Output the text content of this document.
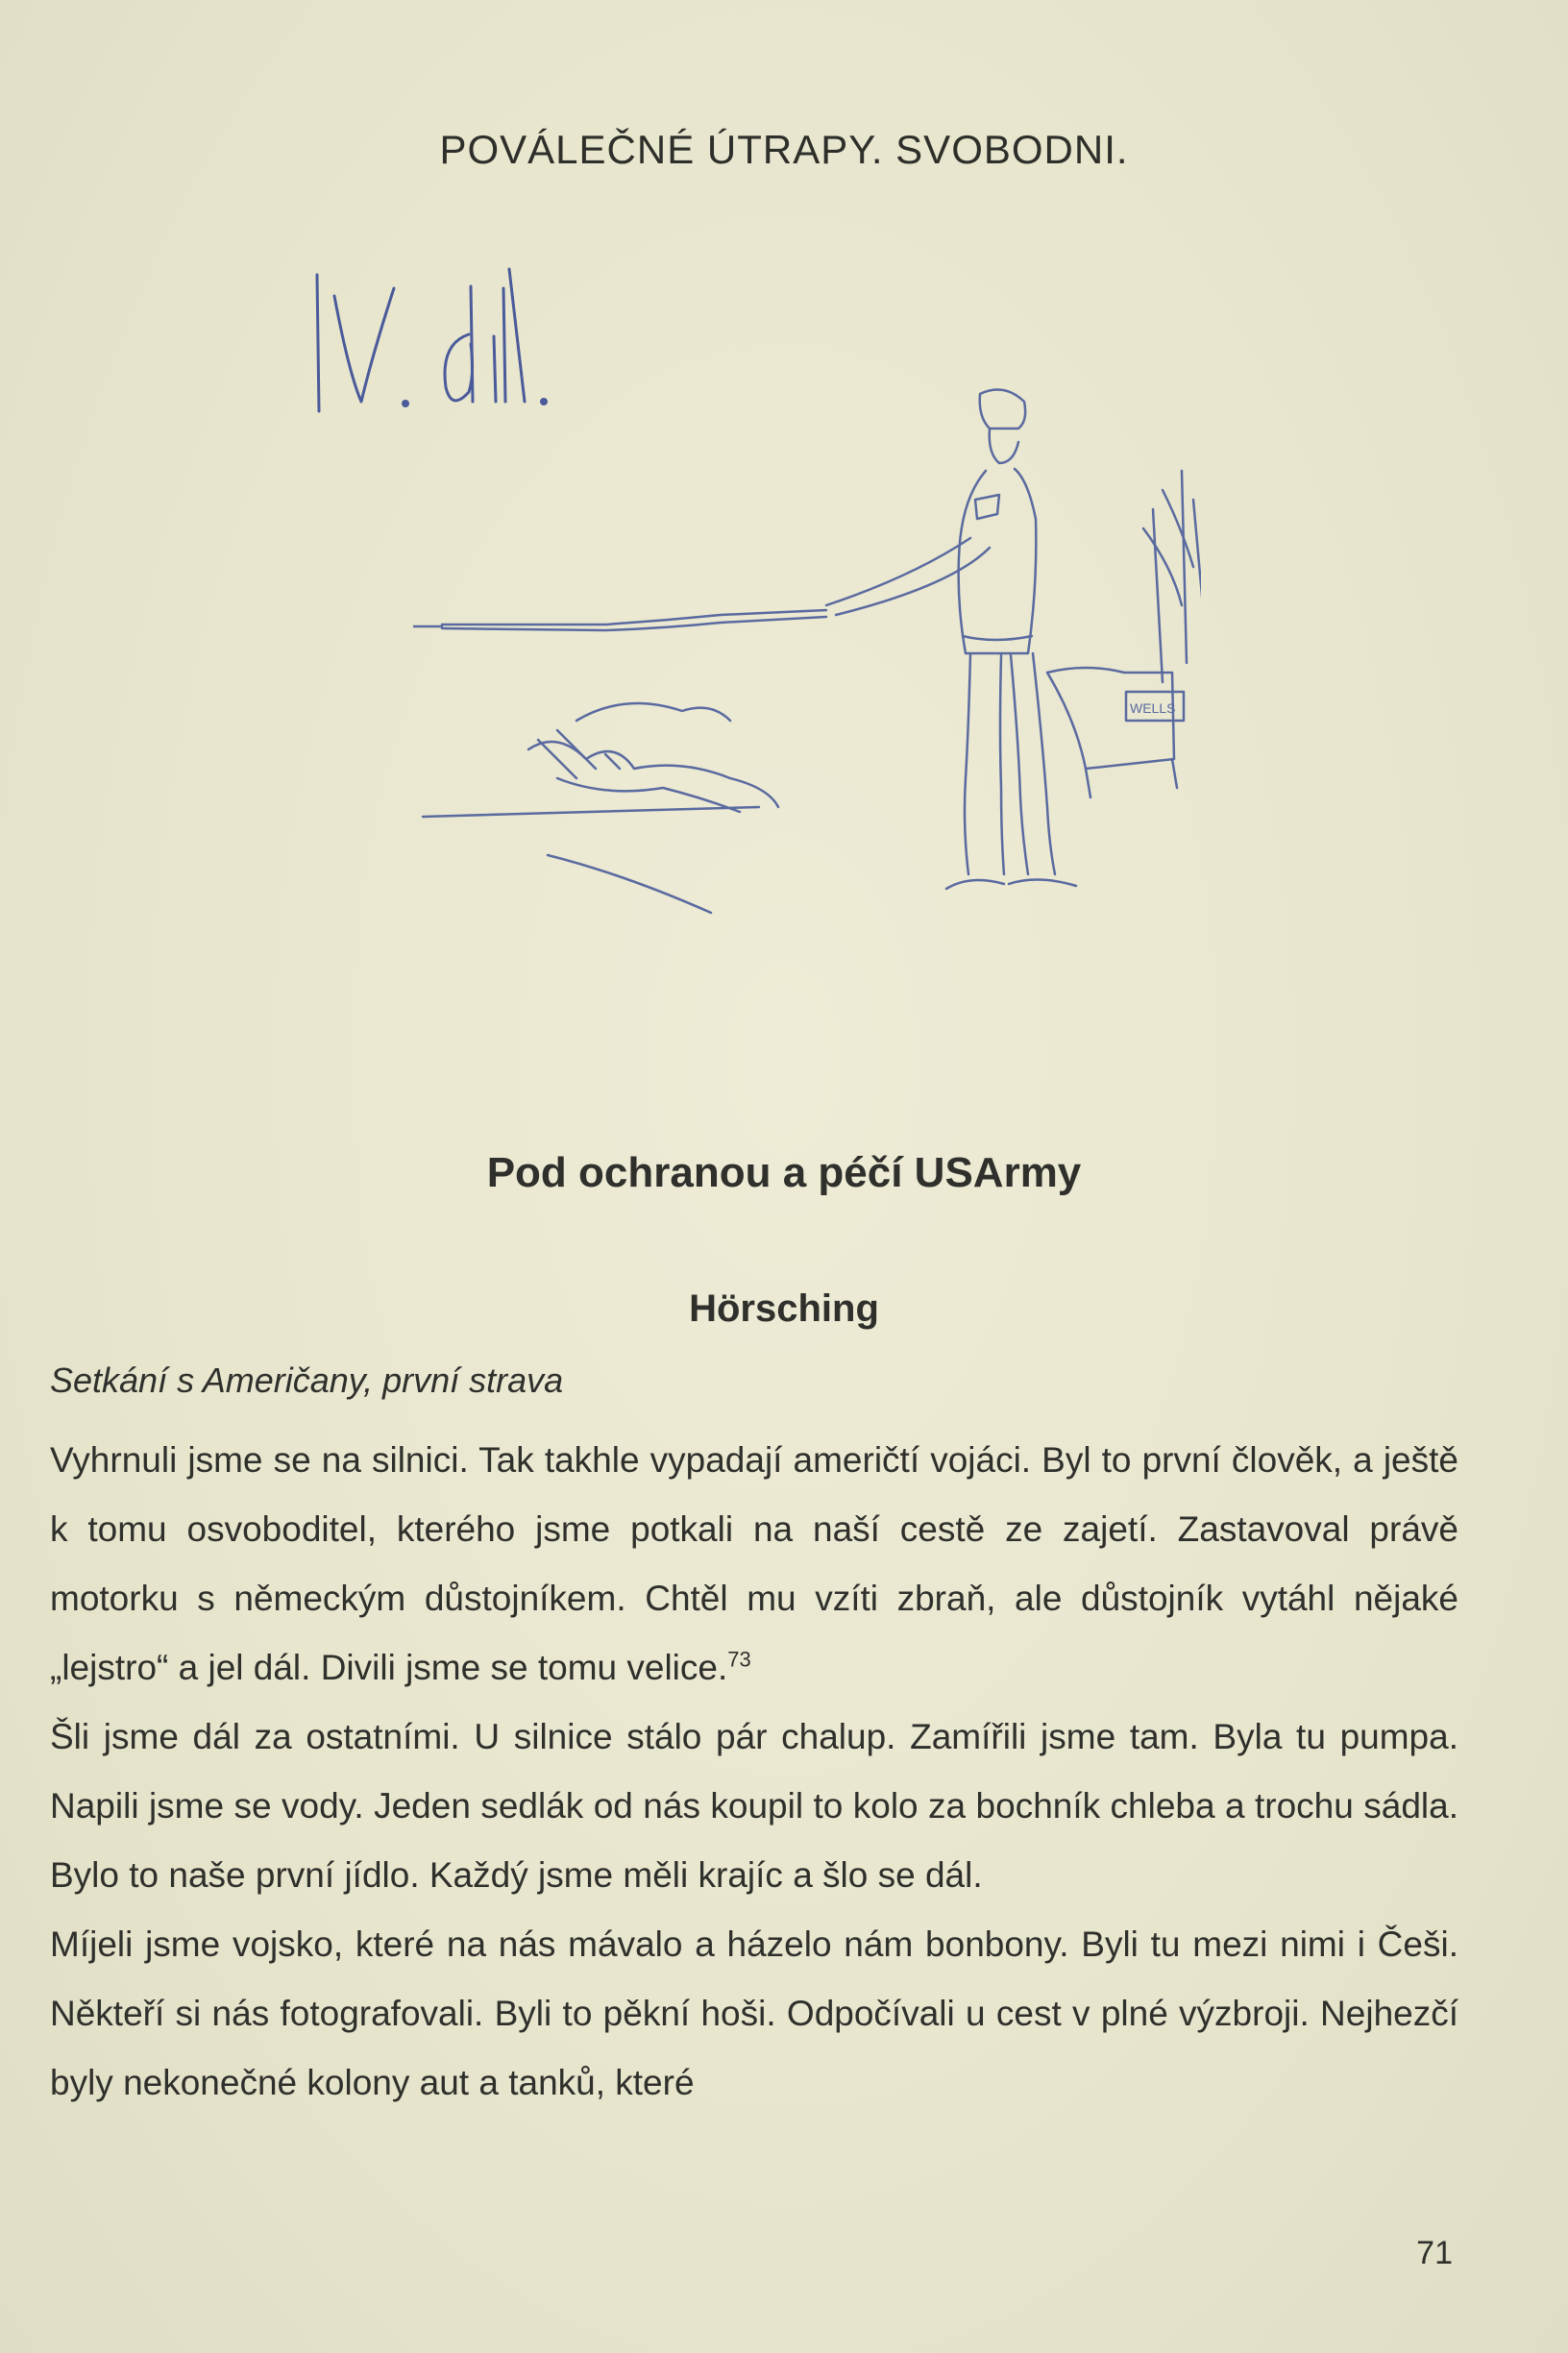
POVÁLEČNÉ ÚTRAPY. SVOBODNI.
WELLS
Pod ochranou a péčí USArmy
Hörsching
Setkání s Američany, první strava

Vyhrnuli jsme se na silnici. Tak takhle vypadají američtí vojáci. Byl to první člověk, a ještě k tomu osvoboditel, kterého jsme potkali na naší cestě ze zajetí. Zastavoval právě motorku s německým důstojníkem. Chtěl mu vzíti zbraň, ale důstojník vytáhl nějaké „lejstro“ a jel dál. Divili jsme se tomu velice.$^{73}$

Šli jsme dál za ostatními. U silnice stálo pár chalup. Zamířili jsme tam. Byla tu pumpa. Napili jsme se vody. Jeden sedlák od nás koupil to kolo za bochník chleba a trochu sádla. Bylo to naše první jídlo. Každý jsme měli krajíc a šlo se dál.

Míjeli jsme vojsko, které na nás mávalo a házelo nám bonbony. Byli tu mezi nimi i Češi. Někteří si nás fotografovali. Byli to pěkní hoši. Odpočívali u cest v plné výzbroji. Nejhezčí byly nekonečné kolony aut a tanků, které

71
